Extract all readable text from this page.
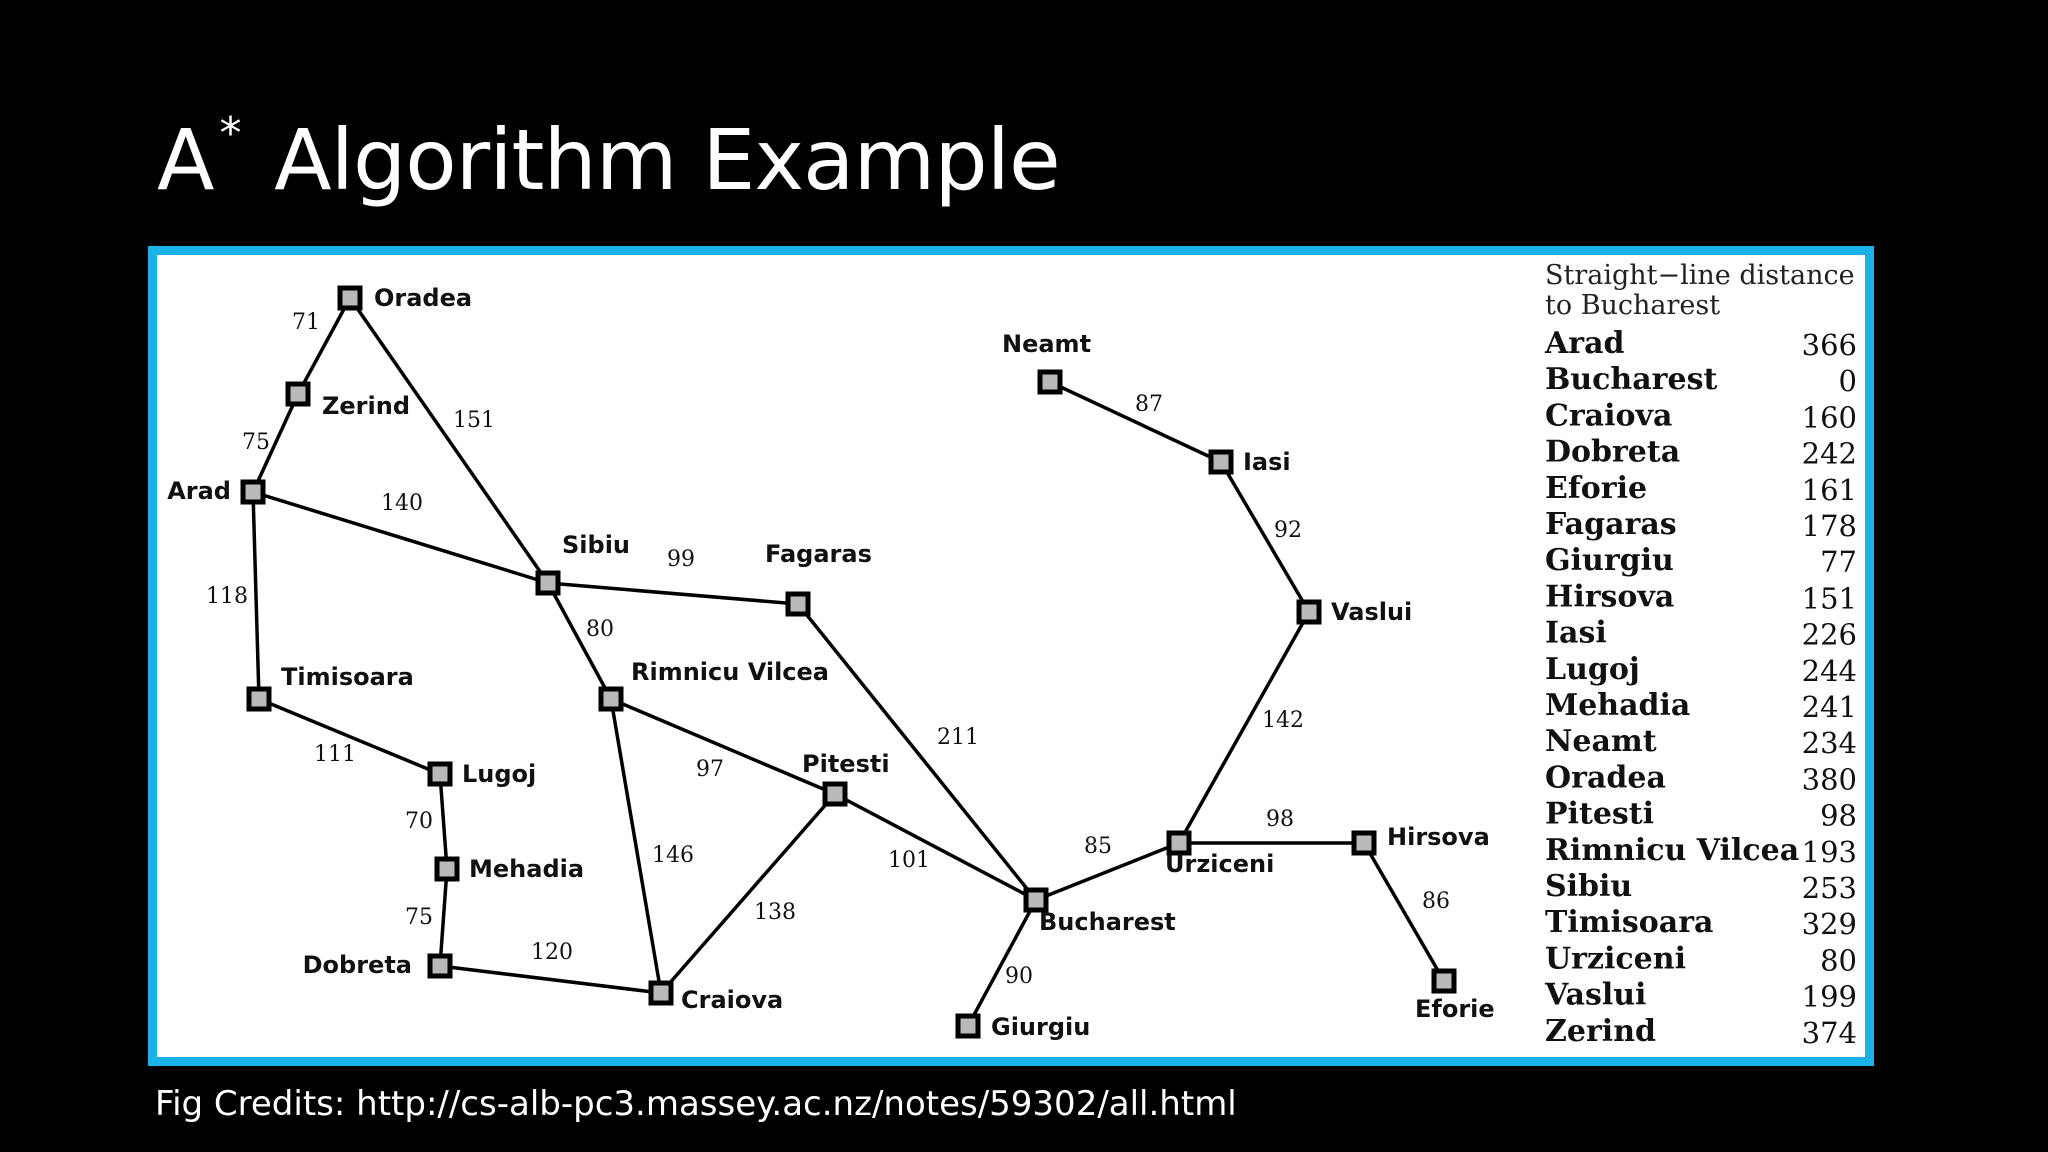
A * Algorithm Example
71
75
151
140
118
99
80
111
70
75
120
97
146
138
101
211
90
85
87
92
142
98
86
Oradea
Zerind
Arad
Sibiu	Fagaras
Timisoara	Rimnicu Vilcea
Lugoj	Pitesti
Mehadia
Dobreta
Craiova
Bucharest
Giurgiu
Neamt
Iasi
Vaslui
Urziceni
Hirsova
Eforie
Straight−line distance
to Bucharest
Arad	366
Bucharest	0
Craiova	160
Dobreta	242
Eforie	161
Fagaras	178
Giurgiu	77
Hirsova	151
Iasi	226
Lugoj	244
Mehadia	241
Neamt	234
Oradea	380
Pitesti	98
Rimnicu Vilcea 193
Sibiu	253
Timisoara	329
Urziceni	80
Vaslui	199
Zerind	374
Fig Credits: http://cs-alb-pc3.massey.ac.nz/notes/59302/all.html
